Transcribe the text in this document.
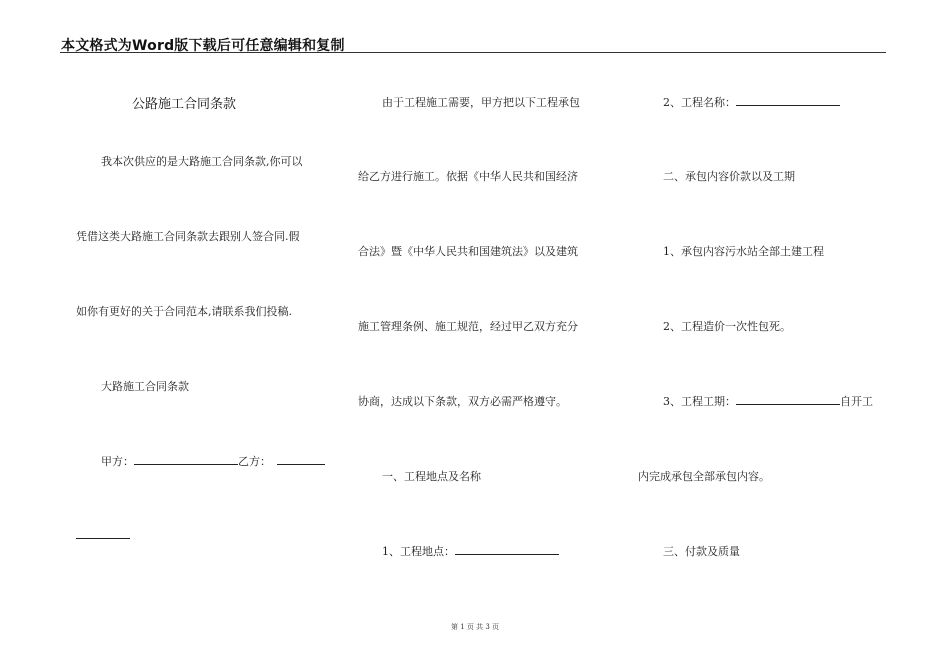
本文格式为Word版下载后可任意编辑和复制
公路施工合同条款
我本次供应的是大路施工合同条款,你可以
凭借这类大路施工合同条款去跟别人签合同.假
如你有更好的关于合同范本,请联系我们投稿.
大路施工合同条款
甲方：	乙方：
由于工程施工需要，甲方把以下工程承包
给乙方进行施工。依据《中华人民共和国经济
合法》暨《中华人民共和国建筑法》以及建筑
施工管理条例、施工规范，经过甲乙双方充分
协商，达成以下条款，双方必需严格遵守。
一、工程地点及名称
1、工程地点：
2、工程名称：
二、承包内容价款以及工期
1、承包内容污水站全部土建工程
2、工程造价一次性包死。
3、工程工期：	自开工
内完成承包全部承包内容。
三、付款及质量
第 1 页 共 3 页
